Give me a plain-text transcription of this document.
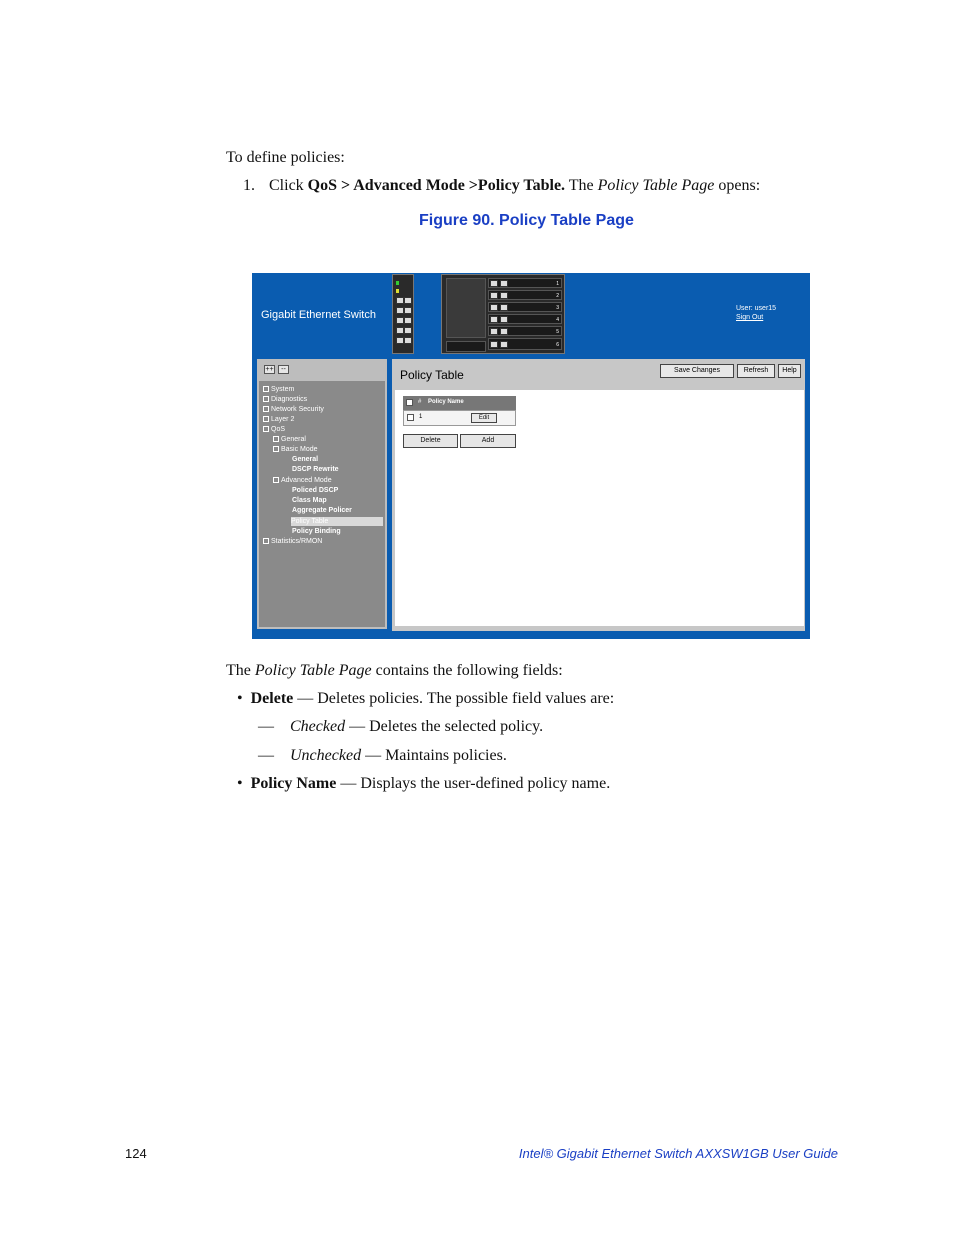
To define policies:
1. Click QoS > Advanced Mode >Policy Table. The Policy Table Page opens:
Figure 90. Policy Table Page
Gigabit Ethernet Switch
1
2
3
4
5
6
User: user15
Sign Out
++	--
System
Diagnostics
Network Security
Layer 2
QoS
General
Basic Mode
General
DSCP Rewrite
Advanced Mode
Policed DSCP
Class Map
Aggregate Policer
Policy Table
Policy Binding
Statistics/RMON
Policy Table	Save Changes	Refresh	Help
# Policy Name
1	Edit
Delete	Add
The Policy Table Page contains the following fields:
• Delete — Deletes policies. The possible field values are:
— Checked — Deletes the selected policy.
— Unchecked — Maintains policies.
• Policy Name — Displays the user-defined policy name.
124	Intel® Gigabit Ethernet Switch AXXSW1GB User Guide
